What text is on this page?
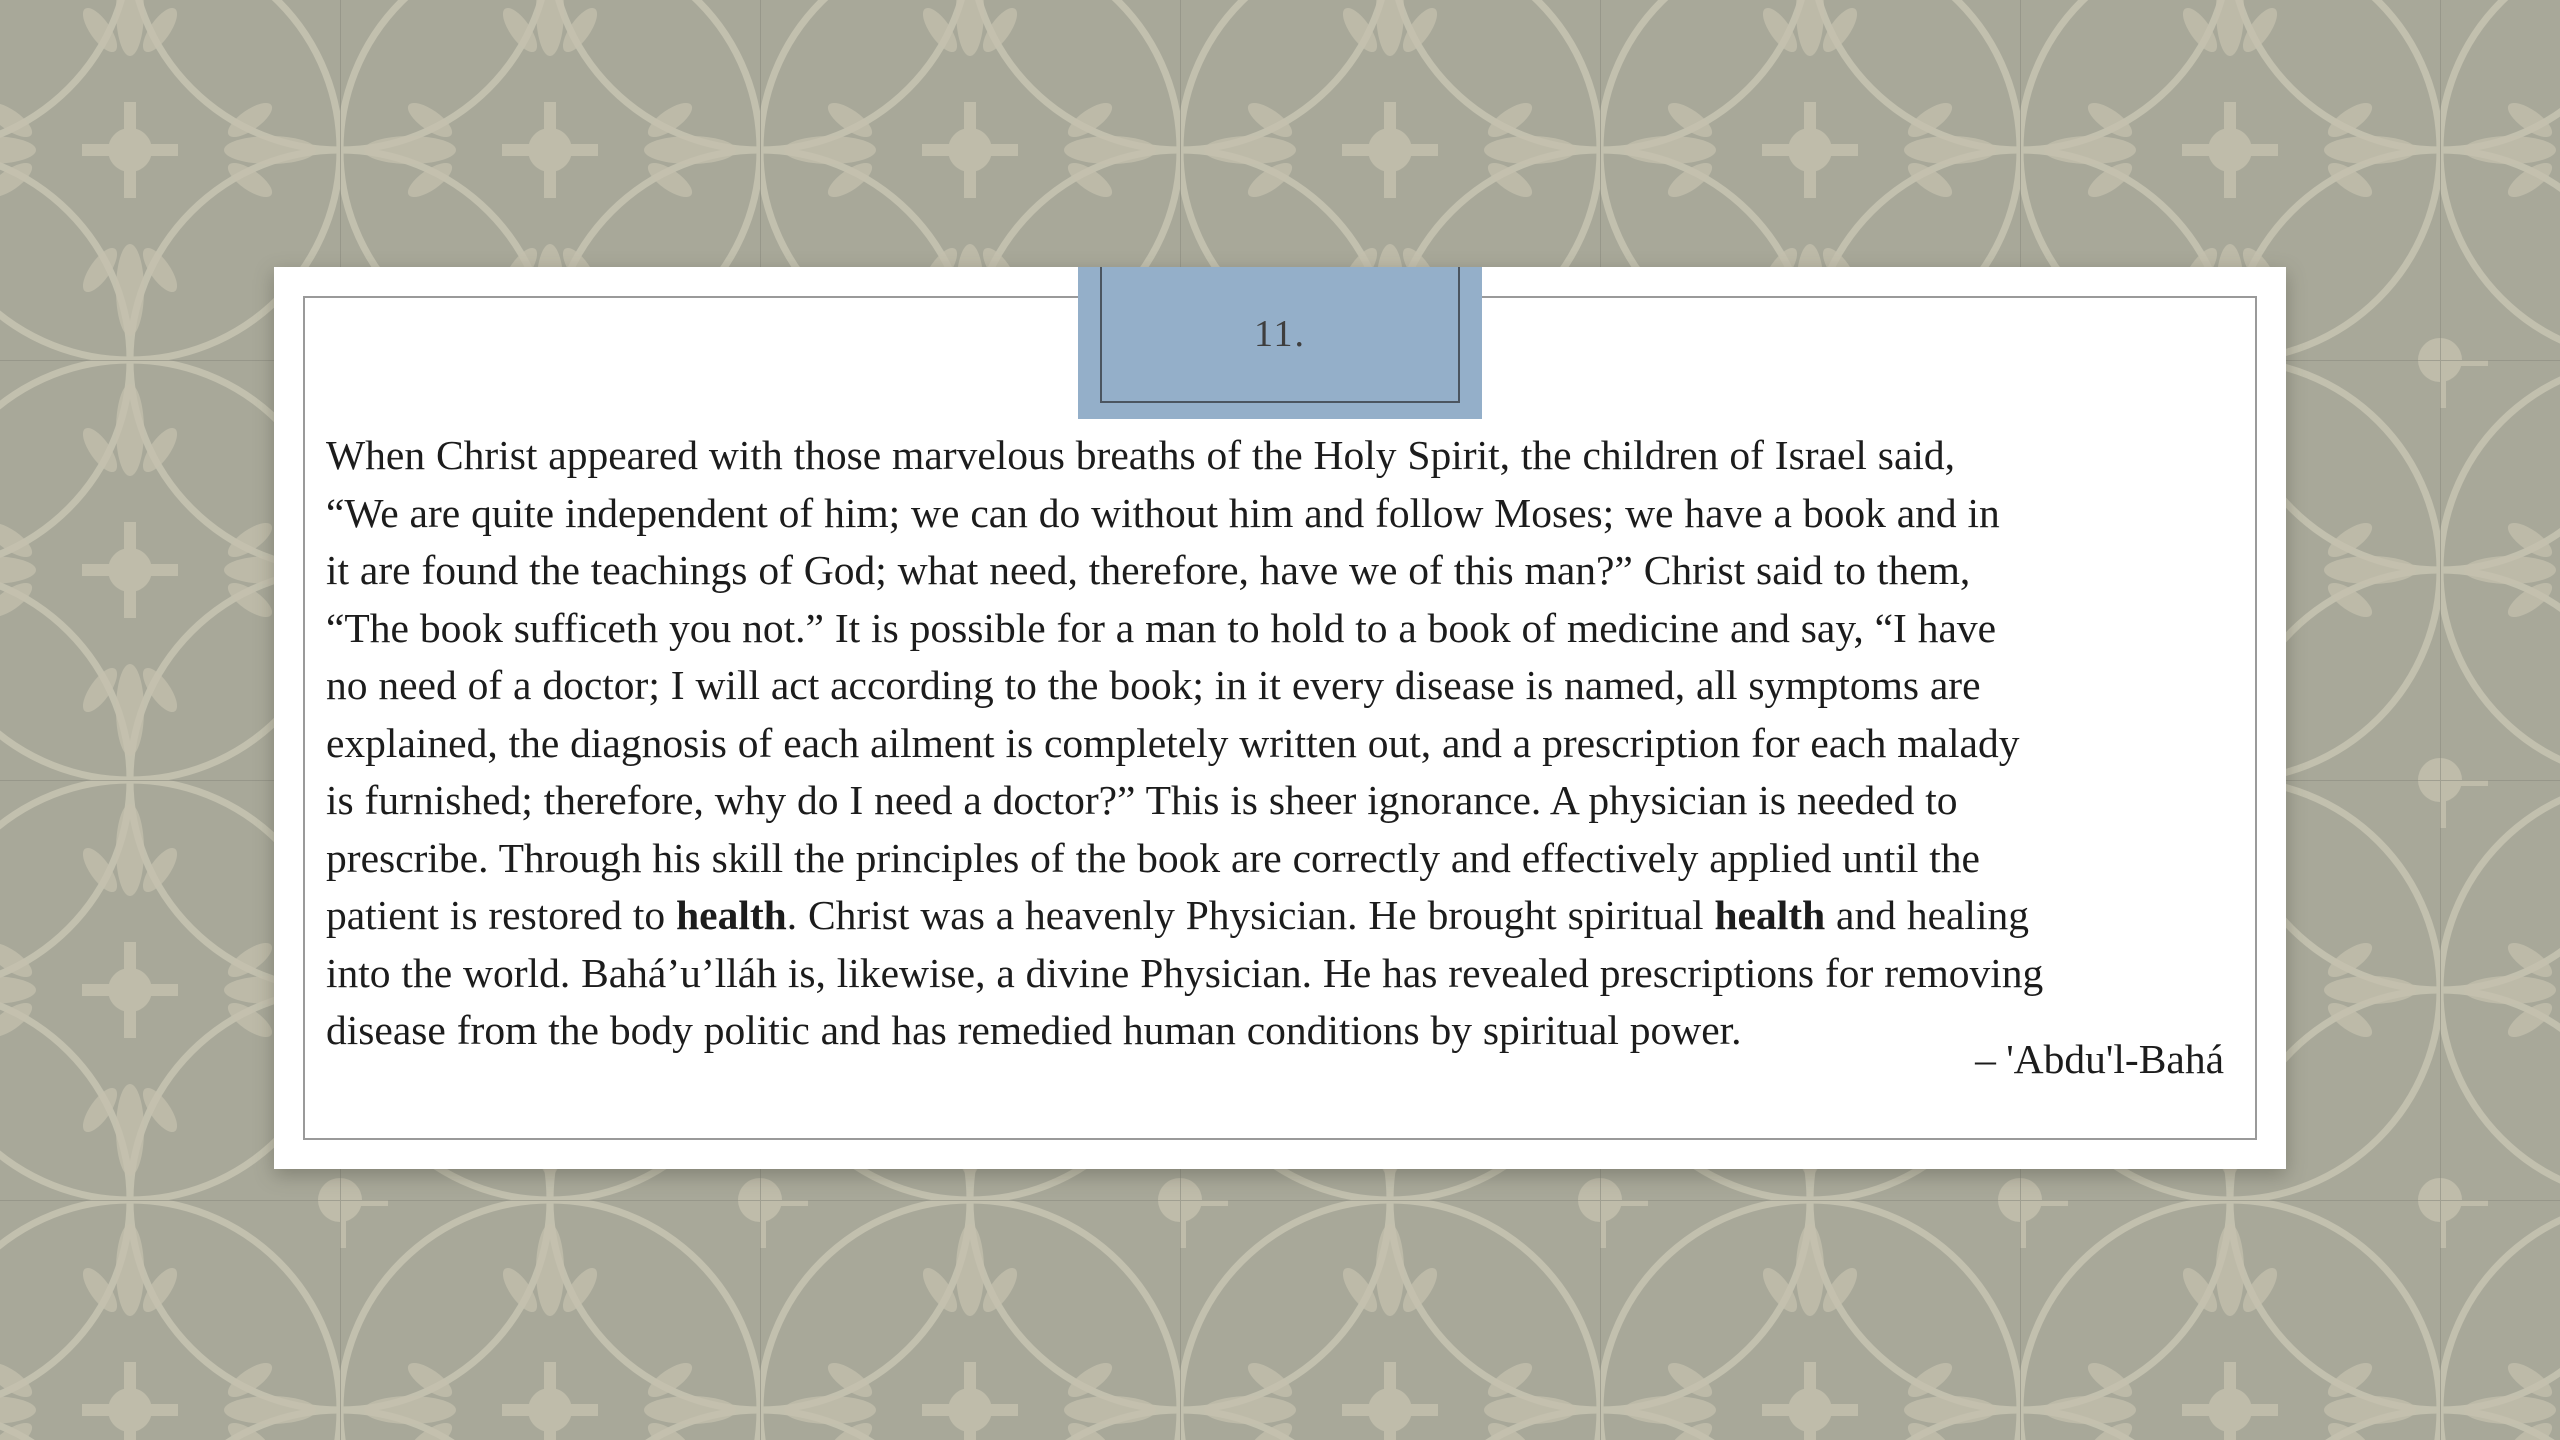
11.
When Christ appeared with those marvelous breaths of the Holy Spirit, the children of Israel said,
“We are quite independent of him; we can do without him and follow Moses; we have a book and in
it are found the teachings of God; what need, therefore, have we of this man?” Christ said to them,
“The book sufficeth you not.” It is possible for a man to hold to a book of medicine and say, “I have
no need of a doctor; I will act according to the book; in it every disease is named, all symptoms are
explained, the diagnosis of each ailment is completely written out, and a prescription for each malady
is furnished; therefore, why do I need a doctor?” This is sheer ignorance. A physician is needed to
prescribe. Through his skill the principles of the book are correctly and effectively applied until the
patient is restored to health. Christ was a heavenly Physician. He brought spiritual health and healing
into the world. Bahá’u’lláh is, likewise, a divine Physician. He has revealed prescriptions for removing
disease from the body politic and has remedied human conditions by spiritual power.
– 'Abdu'l-Bahá
